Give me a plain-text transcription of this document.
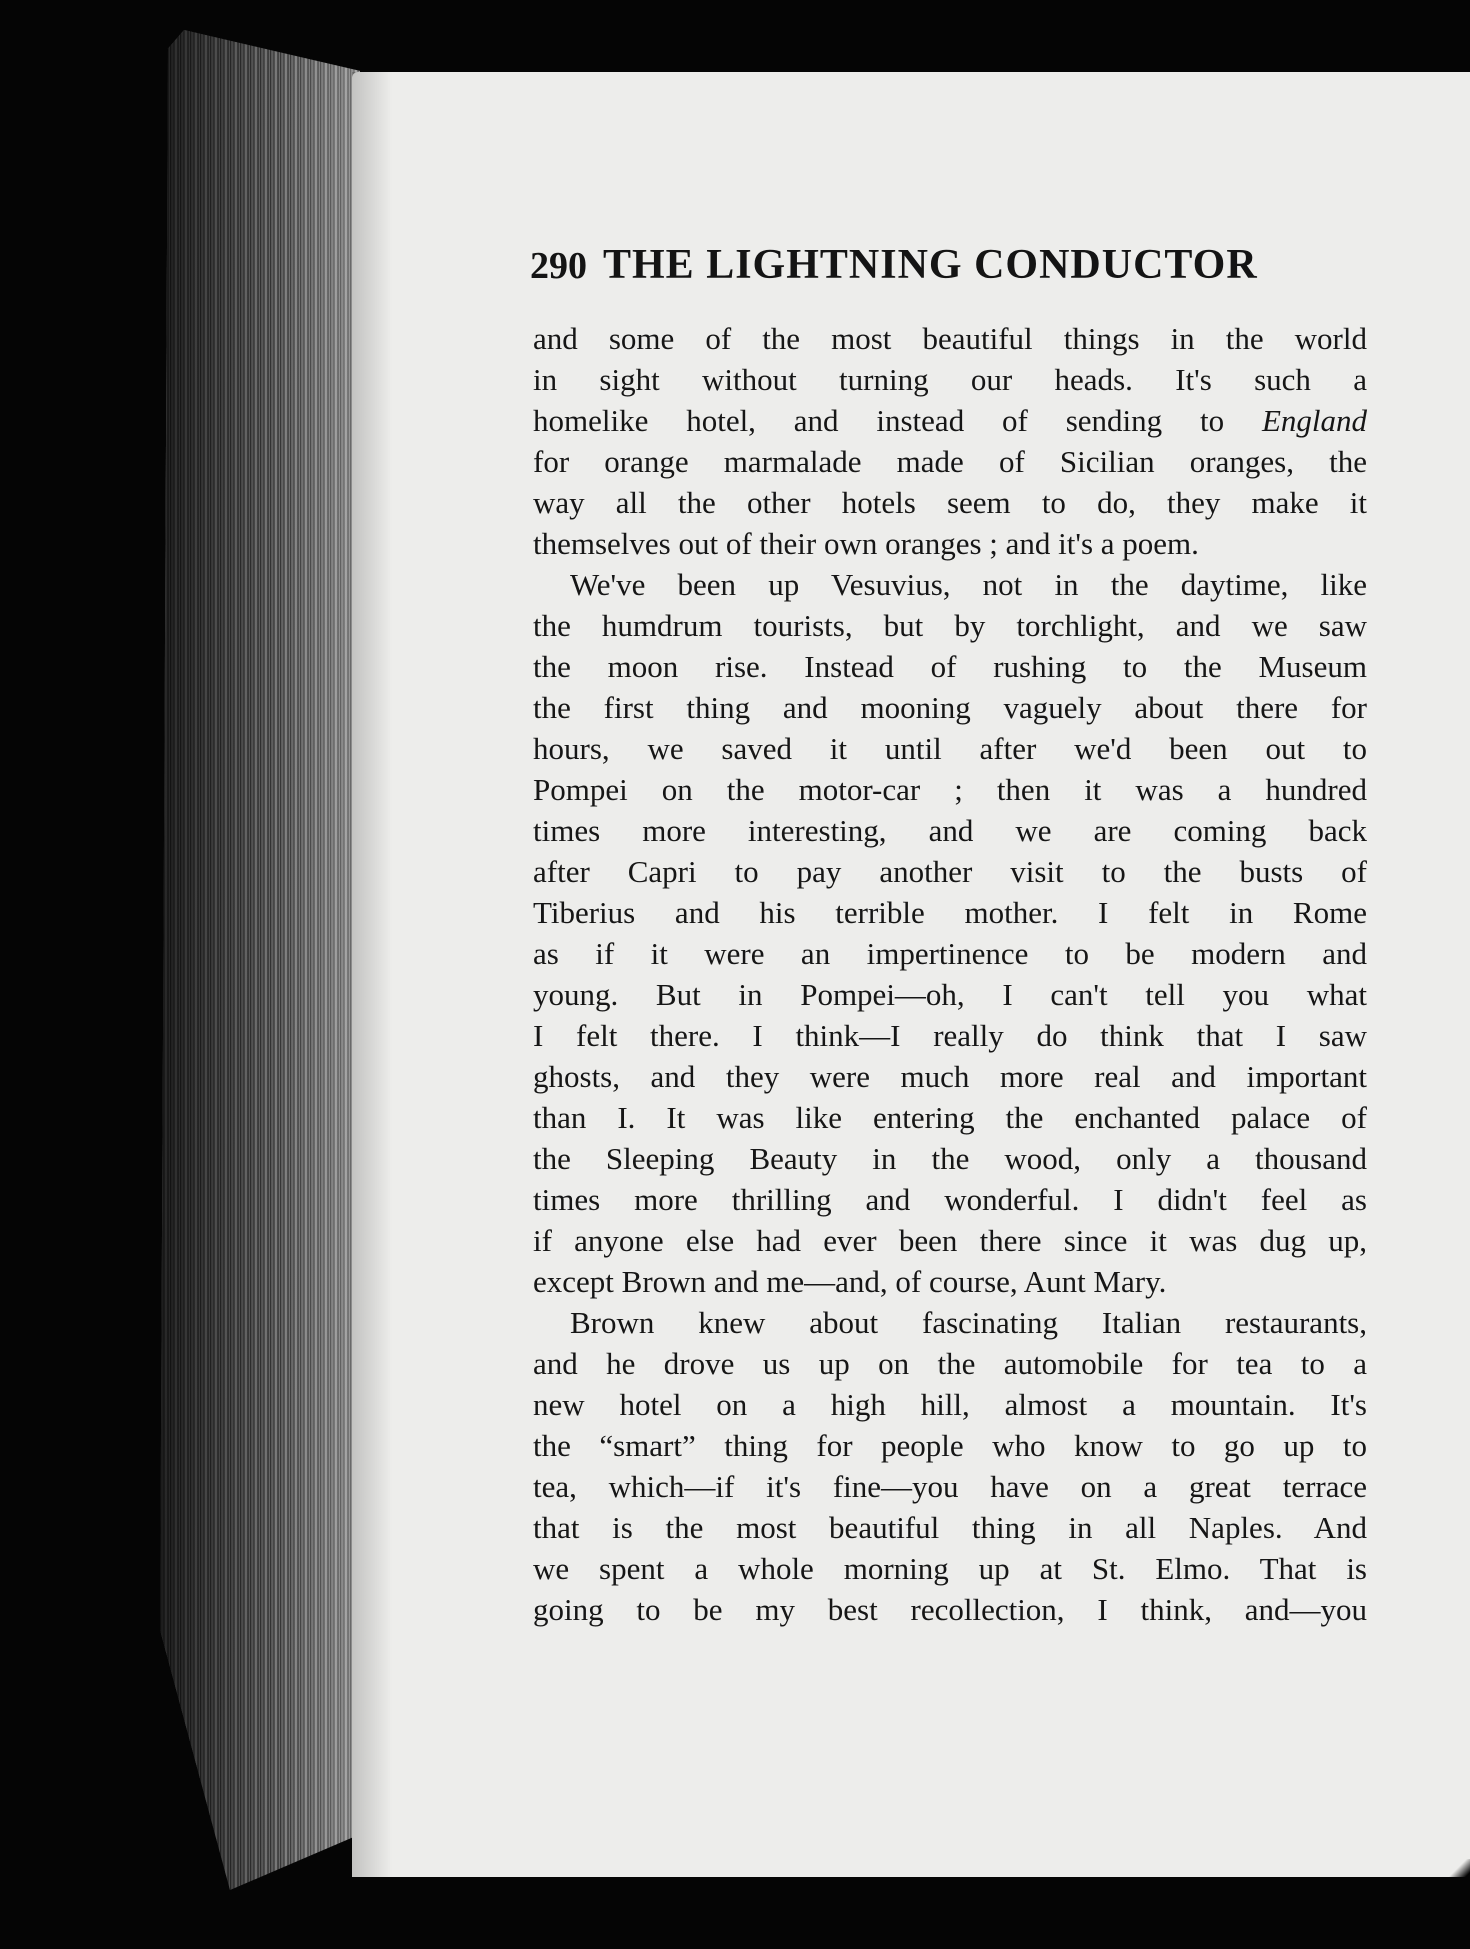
290 THE LIGHTNING CONDUCTOR
and some of the most beautiful things in the world
in sight without turning our heads. It's such a
homelike hotel, and instead of sending to England
for orange marmalade made of Sicilian oranges, the
way all the other hotels seem to do, they make it
themselves out of their own oranges ; and it's a poem.
We've been up Vesuvius, not in the daytime, like
the humdrum tourists, but by torchlight, and we saw
the moon rise. Instead of rushing to the Museum
the first thing and mooning vaguely about there for
hours, we saved it until after we'd been out to
Pompei on the motor-car ; then it was a hundred
times more interesting, and we are coming back
after Capri to pay another visit to the busts of
Tiberius and his terrible mother. I felt in Rome
as if it were an impertinence to be modern and
young. But in Pompei—oh, I can't tell you what
I felt there. I think—I really do think that I saw
ghosts, and they were much more real and important
than I. It was like entering the enchanted palace of
the Sleeping Beauty in the wood, only a thousand
times more thrilling and wonderful. I didn't feel as
if anyone else had ever been there since it was dug up,
except Brown and me—and, of course, Aunt Mary.
Brown knew about fascinating Italian restaurants,
and he drove us up on the automobile for tea to a
new hotel on a high hill, almost a mountain. It's
the “smart” thing for people who know to go up to
tea, which—if it's fine—you have on a great terrace
that is the most beautiful thing in all Naples. And
we spent a whole morning up at St. Elmo. That is
going to be my best recollection, I think, and—you
